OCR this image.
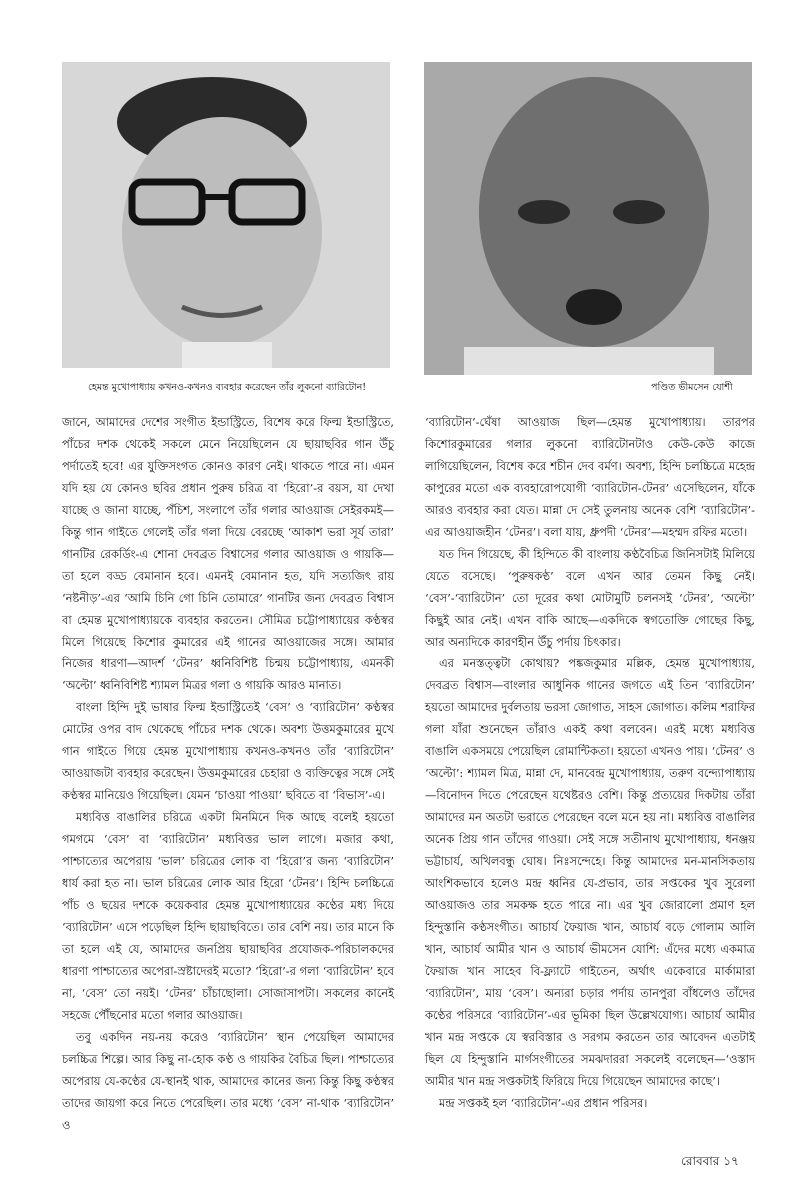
হেমন্ত মুখোপাধ্যায় কখনও-কখনও ব্যবহার করেছেন তাঁর লুকনো ব্যারিটোন!	পণ্ডিত ভীমসেন যোশী

জানে, আমাদের দেশের সংগীত ইন্ডাস্ট্রিতে, বিশেষ করে ফিল্ম ইন্ডাস্ট্রিতে, পাঁচের দশক থেকেই সকলে মেনে নিয়েছিলেন যে ছায়াছবির গান উঁচু পর্দাতেই হবে! এর যুক্তিসংগত কোনও কারণ নেই। থাকতে পারে না। এমন যদি হয় যে কোনও ছবির প্রধান পুরুষ চরিত্র বা ‘হিরো’-র বয়স, যা দেখা যাচ্ছে ও জানা যাচ্ছে, পঁচিশ, সংলাপে তাঁর গলার আওয়াজ সেইরকমই—কিন্তু গান গাইতে গেলেই তাঁর গলা দিয়ে বেরচ্ছে ‘আকাশ ভরা সূর্য তারা’ গানটির রেকর্ডিং-এ শোনা দেবব্রত বিশ্বাসের গলার আওয়াজ ও গায়কি—তা হলে বড্ড বেমানান হবে। এমনই বেমানান হত, যদি সত্যজিৎ রায় ‘নষ্টনীড়’-এর ‘আমি চিনি গো চিনি তোমারে’ গানটির জন্য দেবব্রত বিশ্বাস বা হেমন্ত মুখোপাধ্যায়কে ব্যবহার করতেন। সৌমিত্র চট্টোপাধ্যায়ের কণ্ঠস্বর মিলে গিয়েছে কিশোর কুমারের এই গানের আওয়াজের সঙ্গে। আমার নিজের ধারণা—আদর্শ ‘টেনর’ ধ্বনিবিশিষ্ট চিন্ময় চট্টোপাধ্যায়, এমনকী ‘অল্টো’ ধ্বনিবিশিষ্ট শ্যামল মিত্রর গলা ও গায়কি আরও মানাত।

বাংলা হিন্দি দুই ভাষার ফিল্ম ইন্ডাস্ট্রিতেই ‘বেস’ ও ‘ব্যারিটোন’ কণ্ঠস্বর মোটের ওপর বাদ থেকেছে পাঁচের দশক থেকে। অবশ্য উত্তমকুমারের মুখে গান গাইতে গিয়ে হেমন্ত মুখোপাধ্যায় কখনও-কখনও তাঁর ‘ব্যারিটোন’ আওয়াজটা ব্যবহার করেছেন। উত্তমকুমারের চেহারা ও ব্যক্তিত্বের সঙ্গে সেই কণ্ঠস্বর মানিয়েও গিয়েছিল। যেমন ‘চাওয়া পাওয়া’ ছবিতে বা ‘বিভাস’-এ।

মধ্যবিত্ত বাঙালির চরিত্রে একটা মিনমিনে দিক আছে বলেই হয়তো গমগমে ‘বেস’ বা ‘ব্যারিটোন’ মধ্যবিত্তর ভাল লাগে। মজার কথা, পাশ্চাত্যের অপেরায় ‘ভাল’ চরিত্রের লোক বা ‘হিরো’র জন্য ‘ব্যারিটোন’ ধার্য করা হত না। ভাল চরিত্রের লোক আর হিরো ‘টেনর’। হিন্দি চলচ্চিত্রে পাঁচ ও ছয়ের দশকে কয়েকবার হেমন্ত মুখোপাধ্যায়ের কণ্ঠের মধ্য দিয়ে ‘ব্যারিটোন’ এসে পড়েছিল হিন্দি ছায়াছবিতে। তার বেশি নয়। তার মানে কি তা হলে এই যে, আমাদের জনপ্রিয় ছায়াছবির প্রযোজক-পরিচালকদের ধারণা পাশ্চাত্যের অপেরা-স্রষ্টাদেরই মতো? ‘হিরো’-র গলা ‘ব্যারিটোন’ হবে না, ‘বেস’ তো নয়ই। ‘টেনর’ চাঁচাছোলা। সোজাসাপটা। সকলের কানেই সহজে পৌঁছনোর মতো গলার আওয়াজ।

তবু একদিন নয়-নয় করেও ‘ব্যারিটোন’ স্থান পেয়েছিল আমাদের চলচ্চিত্র শিল্পে। আর কিছু না-হোক কণ্ঠ ও গায়কির বৈচিত্র ছিল। পাশ্চাত্যের অপেরায় যে-কণ্ঠের যে-স্থানই থাক, আমাদের কানের জন্য কিন্তু কিছু কণ্ঠস্বর তাদের জায়গা করে নিতে পেরেছিল। তার মধ্যে ‘বেস’ না-থাক ‘ব্যারিটোন’ ও

‘ব্যারিটোন’-ঘেঁষা আওয়াজ ছিল—হেমন্ত মুখোপাধ্যায়। তারপর কিশোরকুমারের গলার লুকনো ব্যারিটোনটাও কেউ-কেউ কাজে লাগিয়েছিলেন, বিশেষ করে শচীন দেব বর্মণ। অবশ্য, হিন্দি চলচ্চিত্রে মহেন্দ্র কাপুরের মতো এক ব্যবহারোপযোগী ‘ব্যারিটোন-টেনর’ এসেছিলেন, যাঁকে আরও ব্যবহার করা যেত। মান্না দে সেই তুলনায় অনেক বেশি ‘ব্যারিটোন’-এর আওয়াজহীন ‘টেনর’। বলা যায়, ধ্রুপদী ‘টেনর’—মহম্মদ রফির মতো।

যত দিন গিয়েছে, কী হিন্দিতে কী বাংলায় কণ্ঠবৈচিত্র জিনিসটাই মিলিয়ে যেতে বসেছে। ‘পুরুষকণ্ঠ’ বলে এখন আর তেমন কিছু নেই। ‘বেস’-‘ব্যারিটোন’ তো দূরের কথা মোটামুটি চলনসই ‘টেনর’, ‘অল্টো’ কিছুই আর নেই। এখন বাকি আছে—একদিকে স্বগতোক্তি গোছের কিছু, আর অন্যদিকে কারণহীন উঁচু পর্দায় চিৎকার।

এর মনস্তত্ত্বটা কোথায়? পঙ্কজকুমার মল্লিক, হেমন্ত মুখোপাধ্যায়, দেবব্রত বিশ্বাস—বাংলার আধুনিক গানের জগতে এই তিন ‘ব্যারিটোন’ হয়তো আমাদের দুর্বলতায় ভরসা জোগাত, সাহস জোগাত। কলিম শরাফির গলা যাঁরা শুনেছেন তাঁরাও একই কথা বলবেন। এরই মধ্যে মধ্যবিত্ত বাঙালি একসময়ে পেয়েছিল রোমান্টিকতা। হয়তো এখনও পায়। ‘টেনর’ ও ‘অল্টো’: শ্যামল মিত্র, মান্না দে, মানবেন্দ্র মুখোপাধ্যায়, তরুণ বন্দ্যোপাধ্যায়—বিনোদন দিতে পেরেছেন যথেষ্টরও বেশি। কিন্তু প্রত্যয়ের দিকটায় তাঁরা আমাদের মন অতটা ভরাতে পেরেছেন বলে মনে হয় না। মধ্যবিত্ত বাঙালির অনেক প্রিয় গান তাঁদের গাওয়া। সেই সঙ্গে সতীনাথ মুখোপাধ্যায়, ধনঞ্জয় ভট্টাচার্য, অখিলবন্ধু ঘোষ। নিঃসন্দেহে। কিন্তু আমাদের মন-মানসিকতায় আংশিকভাবে হলেও মন্দ্র ধ্বনির যে-প্রভাব, তার সপ্তকের খুব সুরেলা আওয়াজও তার সমকক্ষ হতে পারে না। এর খুব জোরালো প্রমাণ হল হিন্দুস্তানি কণ্ঠসংগীত। আচার্য ফৈয়াজ খান, আচার্য বড়ে গোলাম আলি খান, আচার্য আমীর খান ও আচার্য ভীমসেন যোশি: এঁদের মধ্যে একমাত্র ফৈয়াজ খান সাহেব বি-ফ্ল্যাটে গাইতেন, অর্থাৎ একেবারে মার্কামারা ‘ব্যারিটোন’, মায় ‘বেস’। অন্যরা চড়ার পর্দায় তানপুরা বাঁধলেও তাঁদের কণ্ঠের পরিসরে ‘ব্যারিটোন’-এর ভূমিকা ছিল উল্লেখযোগ্য। আচার্য আমীর খান মন্দ্র সপ্তকে যে স্বরবিস্তার ও সরগম করতেন তার আবেদন এতটাই ছিল যে হিন্দুস্তানি মার্গসংগীতের সমঝদাররা সকলেই বলেছেন—‘ওস্তাদ আমীর খান মন্দ্র সপ্তকটাই ফিরিয়ে দিয়ে গিয়েছেন আমাদের কাছে’।

মন্দ্র সপ্তকই হল ‘ব্যারিটোন’-এর প্রধান পরিসর।

রোববার ১৭
